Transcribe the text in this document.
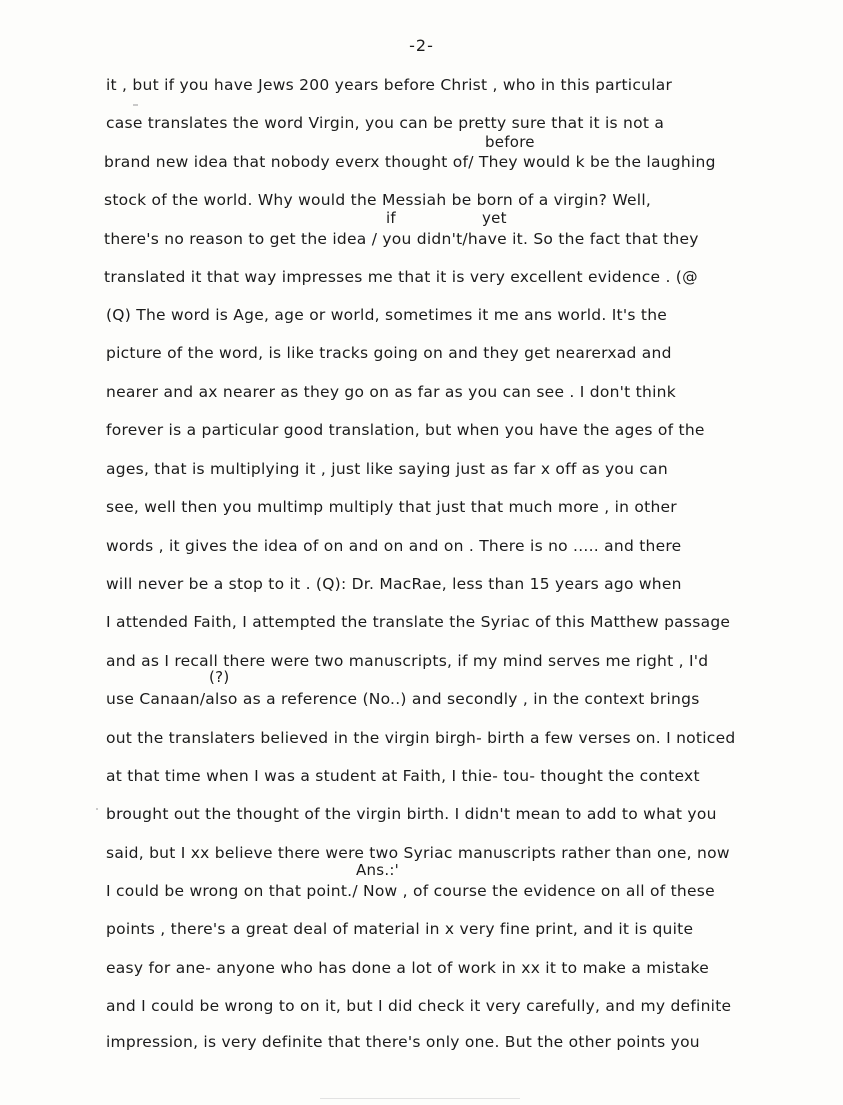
-2-
before
if	yet
(?)
Ans.:'
it , but if you have Jews 200 years before Christ , who in this particular
case translates the word Virgin, you can be pretty sure that it is not a
brand new idea that nobody everx thought of/ They would k be the laughing
stock of the world. Why would the Messiah be born of a virgin? Well,
there's no reason to get the idea / you didn't/have it. So the fact that they
translated it that way impresses me that it is very excellent evidence . (@
(Q) The word is Age, age or world, sometimes it me ans world. It's the
picture of the word, is like tracks going on and they get nearerxad and
nearer and ax nearer as they go on as far as you can see . I don't think
forever is a particular good translation, but when you have the ages of the
ages, that is multiplying it , just like saying just as far x off as you can
see, well then you multimp multiply that just that much more , in other
words , it gives the idea of on and on and on . There is no ..... and there
will never be a stop to it . (Q): Dr. MacRae, less than 15 years ago when
I attended Faith, I attempted the translate the Syriac of this Matthew passage
and as I recall there were two manuscripts, if my mind serves me right , I'd
use Canaan/also as a reference (No..) and secondly , in the context brings
out the translaters believed in the virgin birgh- birth a few verses on. I noticed
at that time when I was a student at Faith, I thie- tou- thought the context
brought out the thought of the virgin birth. I didn't mean to add to what you
said, but I xx believe there were two Syriac manuscripts rather than one, now
I could be wrong on that point./ Now , of course the evidence on all of these
points , there's a great deal of material in x very fine print, and it is quite
easy for ane- anyone who has done a lot of work in xx it to make a mistake
and I could be wrong to on it, but I did check it very carefully, and my definite
impression, is very definite that there's only one. But the other points you
